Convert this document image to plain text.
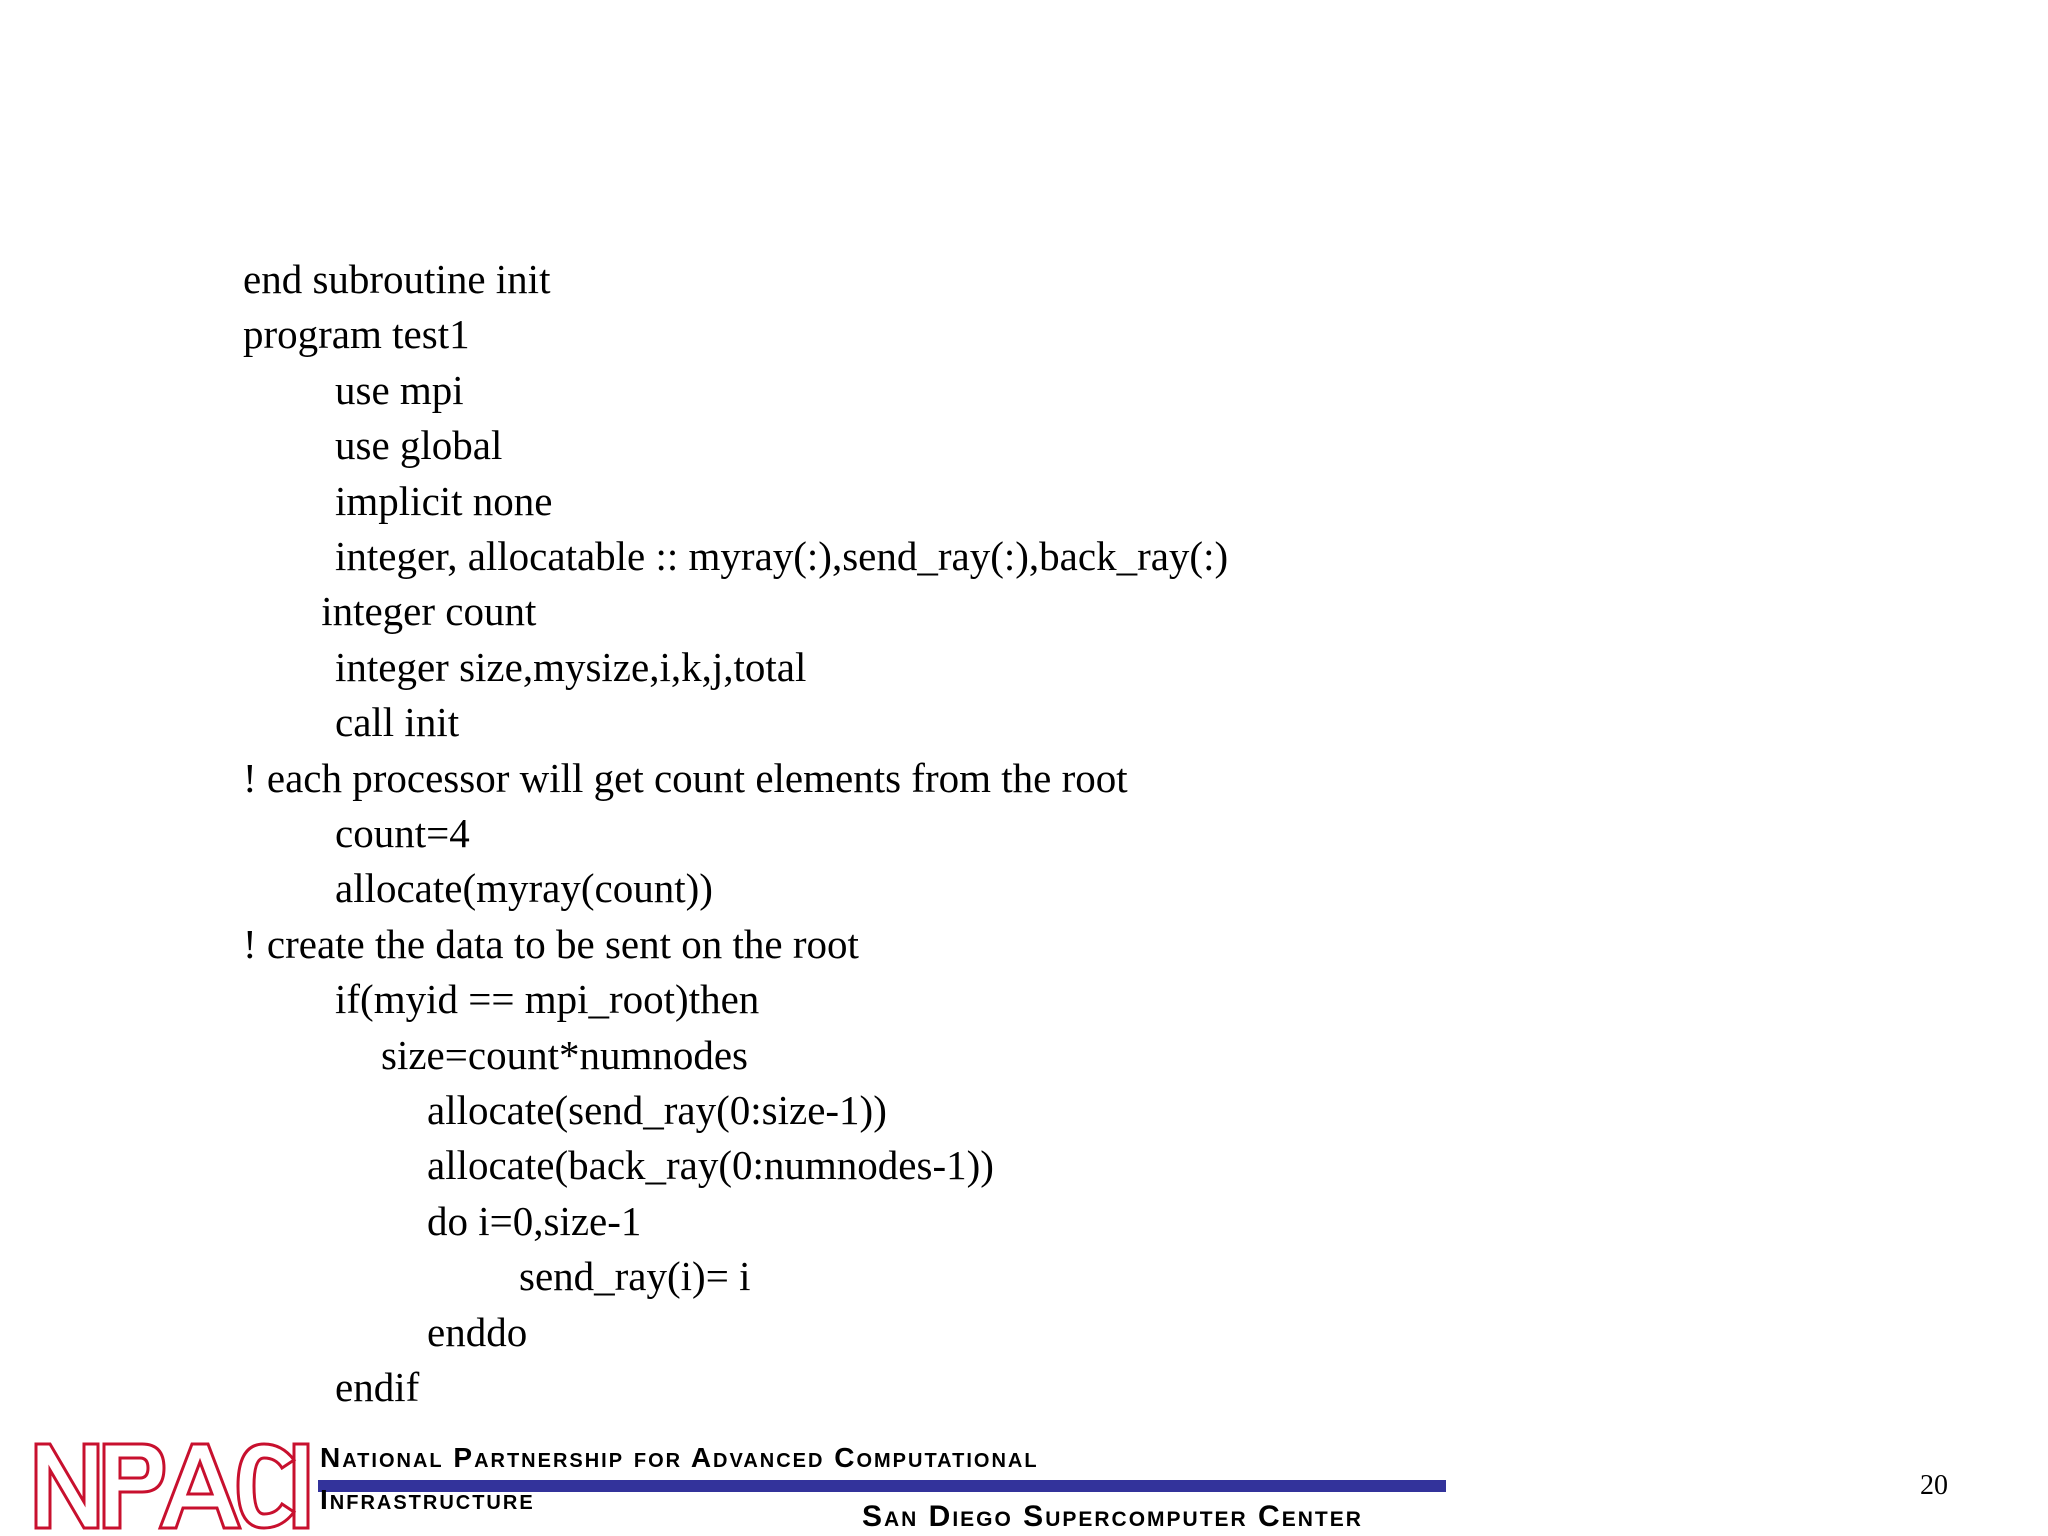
end subroutine init
program test1
use mpi
use global
implicit none
integer, allocatable :: myray(:),send_ray(:),back_ray(:)
integer count
integer size,mysize,i,k,j,total
call init
! each processor will get count elements from the root
count=4
allocate(myray(count))
! create the data to be sent on the root
if(myid == mpi_root)then
size=count*numnodes
allocate(send_ray(0:size-1))
allocate(back_ray(0:numnodes-1))
do i=0,size-1
send_ray(i)= i
enddo
endif
National Partnership for Advanced Computational
Infrastructure
San Diego Supercomputer Center
20
